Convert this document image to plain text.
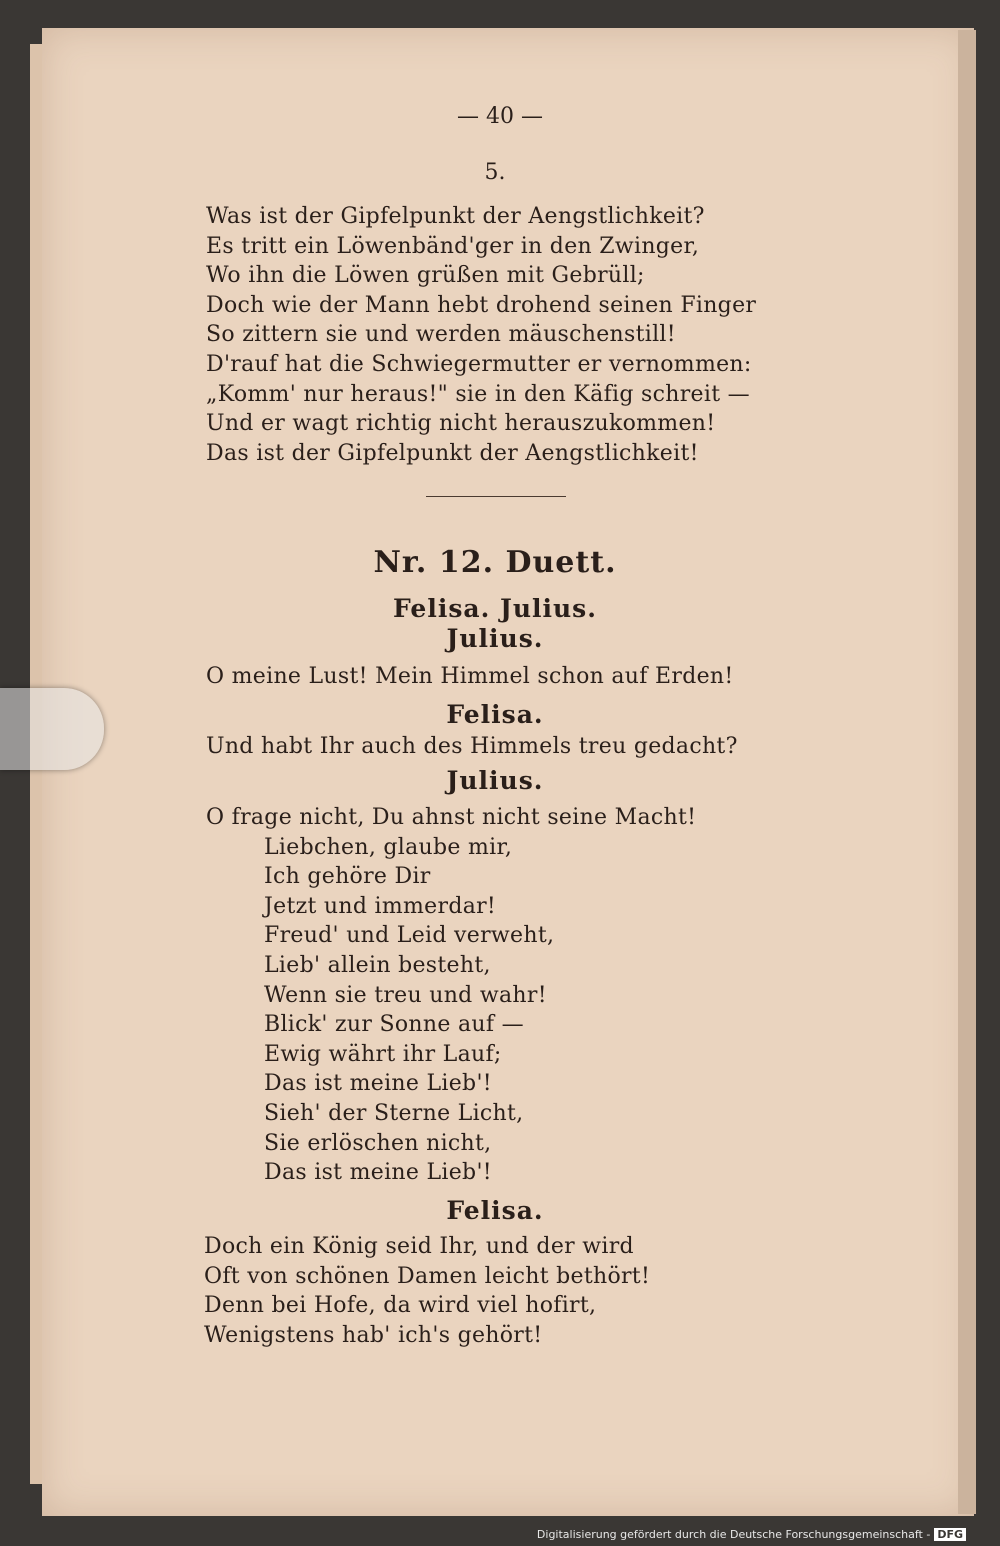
— 40 —
5.
Was ist der Gipfelpunkt der Aengstlichkeit?
Es tritt ein Löwenbänd'ger in den Zwinger,
Wo ihn die Löwen grüßen mit Gebrüll;
Doch wie der Mann hebt drohend seinen Finger
So zittern sie und werden mäuschenstill!
D'rauf hat die Schwiegermutter er vernommen:
„Komm' nur heraus!" sie in den Käfig schreit —
Und er wagt richtig nicht herauszukommen!
Das ist der Gipfelpunkt der Aengstlichkeit!
Nr. 12. Duett.
Felisa. Julius.
Julius.
O meine Lust! Mein Himmel schon auf Erden!
Felisa.
Und habt Ihr auch des Himmels treu gedacht?
Julius.
O frage nicht, Du ahnst nicht seine Macht!
Liebchen, glaube mir,
Ich gehöre Dir
Jetzt und immerdar!
Freud' und Leid verweht,
Lieb' allein besteht,
Wenn sie treu und wahr!
Blick' zur Sonne auf —
Ewig währt ihr Lauf;
Das ist meine Lieb'!
Sieh' der Sterne Licht,
Sie erlöschen nicht,
Das ist meine Lieb'!
Felisa.
Doch ein König seid Ihr, und der wird
Oft von schönen Damen leicht bethört!
Denn bei Hofe, da wird viel hofirt,
Wenigstens hab' ich's gehört!
Digitalisierung gefördert durch die Deutsche Forschungsgemeinschaft - DFG
